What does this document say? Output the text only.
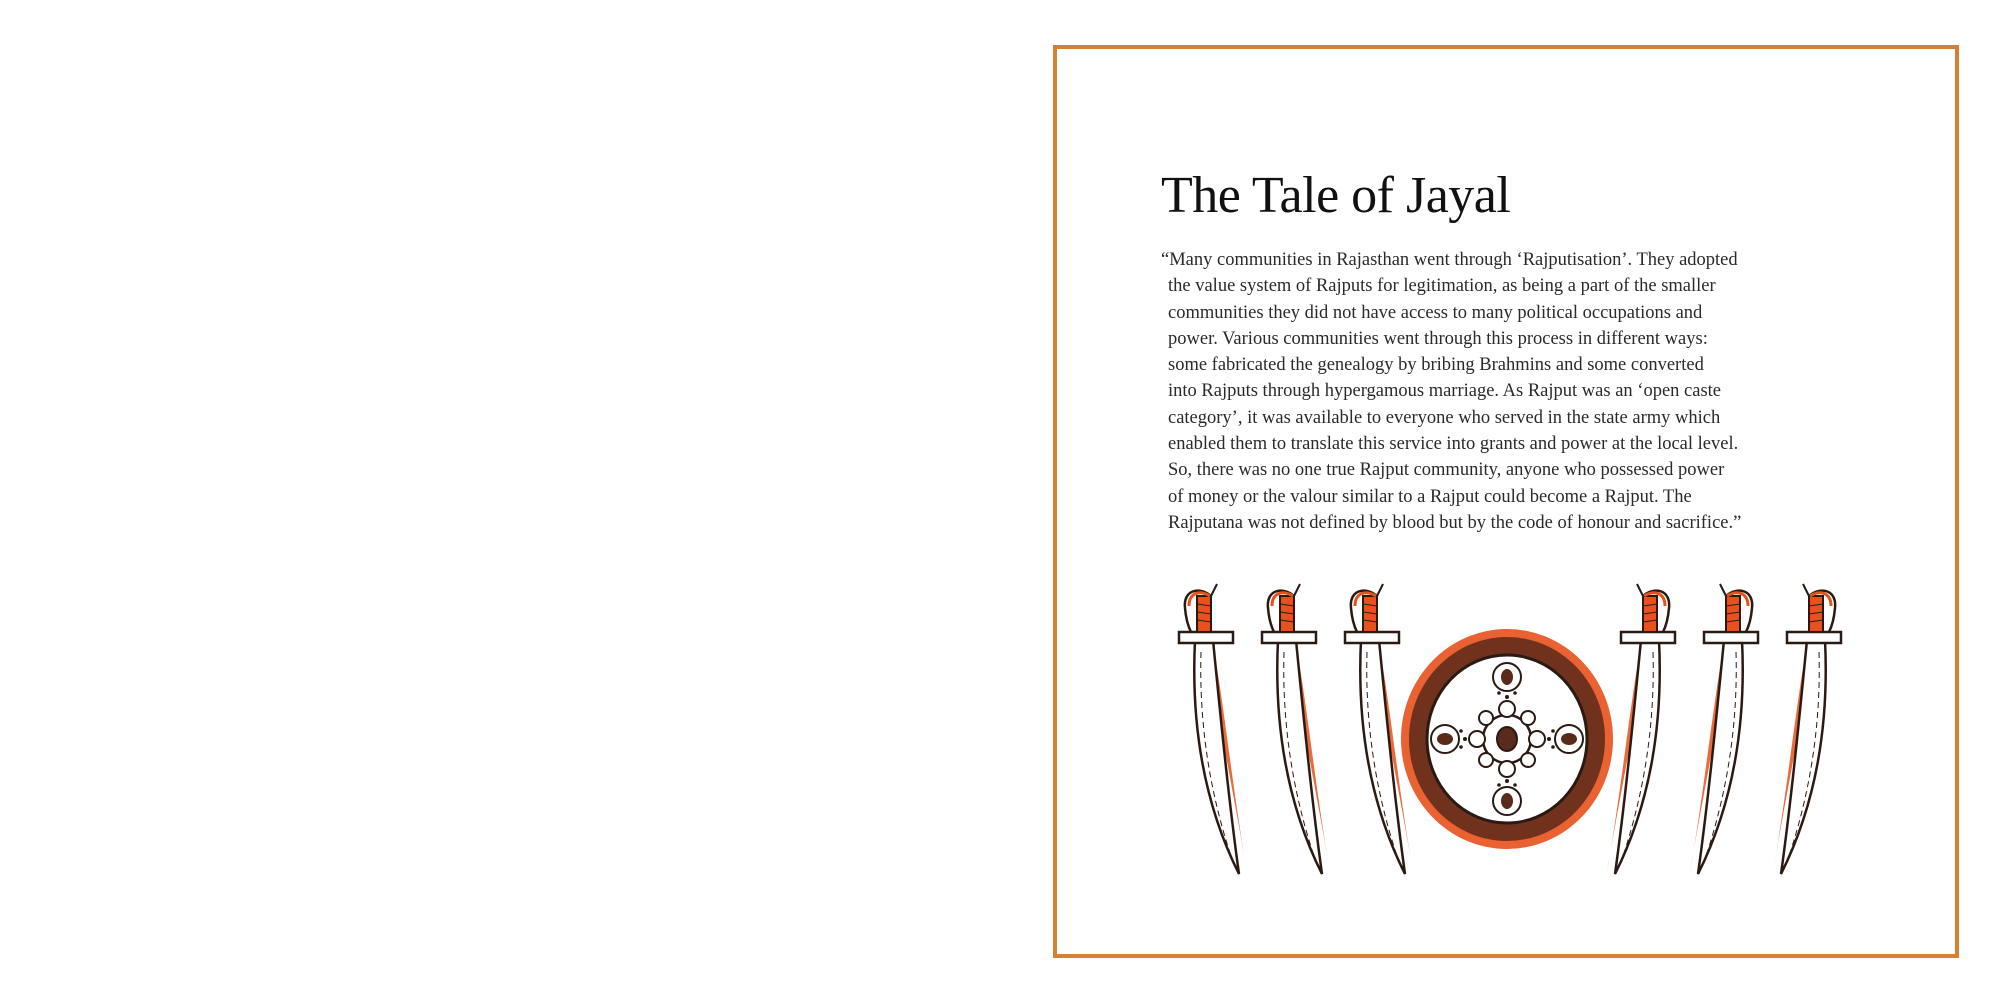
The Tale of Jayal

“Many communities in Rajasthan went through ‘Rajputisation’. They adopted
the value system of Rajputs for legitimation, as being a part of the smaller
communities they did not have access to many political occupations and
power. Various communities went through this process in different ways:
some fabricated the genealogy by bribing Brahmins and some converted
into Rajputs through hypergamous marriage. As Rajput was an ‘open caste
category’, it was available to everyone who served in the state army which
enabled them to translate this service into grants and power at the local level.
So, there was no one true Rajput community, anyone who possessed power
of money or the valour similar to a Rajput could become a Rajput. The
Rajputana was not defined by blood but by the code of honour and sacrifice.”
